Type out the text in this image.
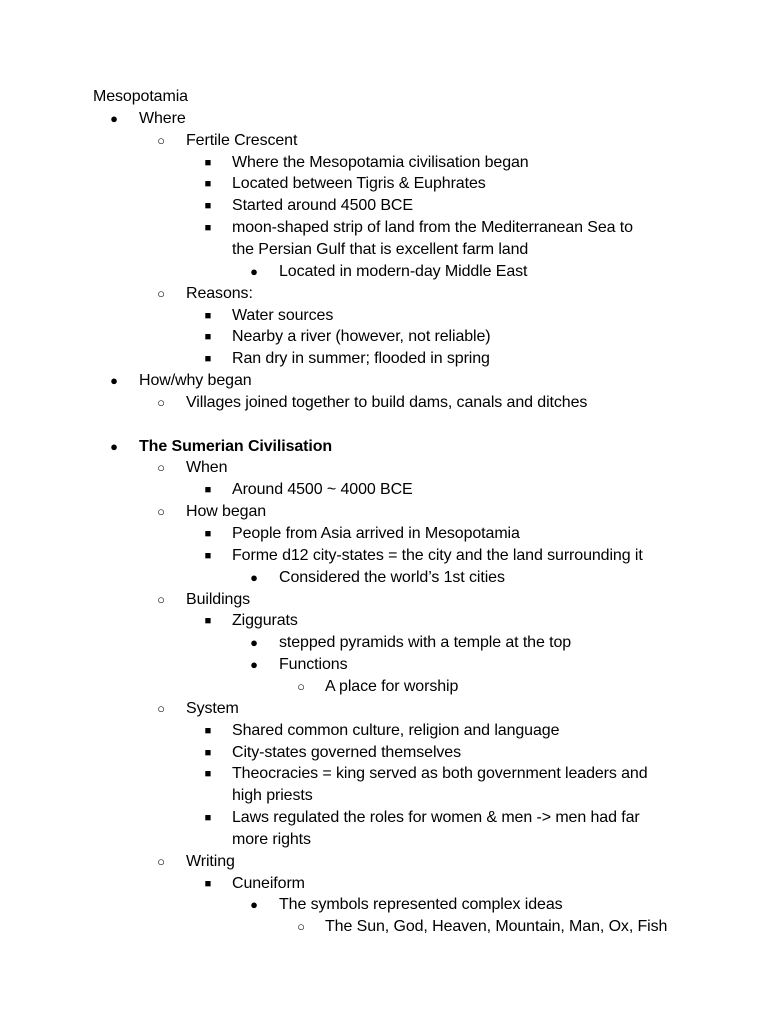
Mesopotamia
● Where
○ Fertile Crescent
■ Where the Mesopotamia civilisation began
■ Located between Tigris & Euphrates
■ Started around 4500 BCE
■ moon-shaped strip of land from the Mediterranean Sea to
the Persian Gulf that is excellent farm land
● Located in modern-day Middle East
○ Reasons:
■ Water sources
■ Nearby a river (however, not reliable)
■ Ran dry in summer; flooded in spring
● How/why began
○ Villages joined together to build dams, canals and ditches
● The Sumerian Civilisation
○ When
■ Around 4500 ~ 4000 BCE
○ How began
■ People from Asia arrived in Mesopotamia
■ Forme d12 city-states = the city and the land surrounding it
● Considered the world’s 1st cities
○ Buildings
■ Ziggurats
● stepped pyramids with a temple at the top
● Functions
○ A place for worship
○ System
■ Shared common culture, religion and language
■ City-states governed themselves
■ Theocracies = king served as both government leaders and
high priests
■ Laws regulated the roles for women & men -> men had far
more rights
○ Writing
■ Cuneiform
● The symbols represented complex ideas
○ The Sun, God, Heaven, Mountain, Man, Ox, Fish
